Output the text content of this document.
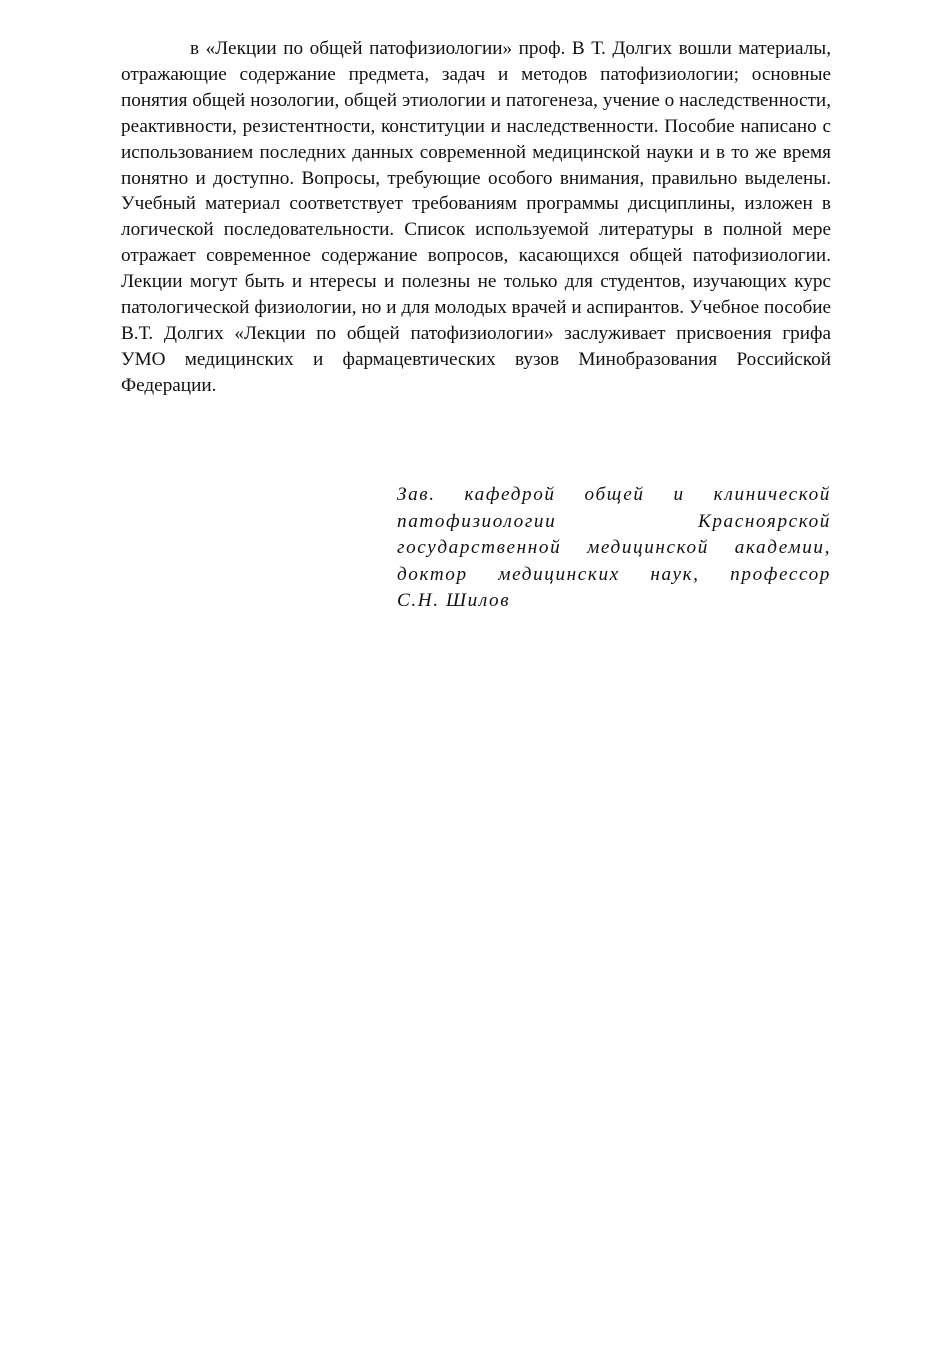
в «Лекции по общей патофизиологии» проф. В Т. Долгих вошли материалы, отражающие содержание предмета, задач и методов патофизиологии; основные понятия общей нозологии, общей этиологии и патогенеза, учение о наследственности, реактивности, резистентности, конституции и наследственности. Пособие написано с использованием последних данных современной медицинской науки и в то же время понятно и доступно. Вопросы, требующие особого внимания, правильно выделены. Учебный материал соответствует требованиям программы дисциплины, изложен в логической последовательности. Список используемой литературы в полной мере отражает современное содержание вопросов, касающихся общей патофизиологии. Лекции могут быть и нтересы и полезны не только для студентов, изучающих курс патологической физиологии, но и для молодых врачей и аспирантов. Учебное пособие В.Т. Долгих «Лекции по общей патофизиологии» заслуживает присвоения грифа УМО медицинских и фармацевтических вузов Минобразования Российской Федерации.

Зав. кафедрой общей и клинической
патофизиологии Красноярской
государственной медицинской академии,
доктор медицинских наук, профессор
С.Н. Шилов
